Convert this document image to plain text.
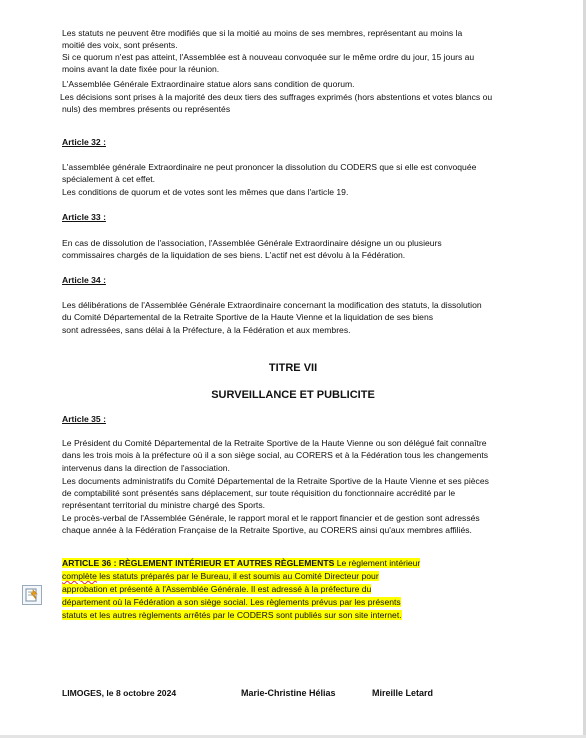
Les statuts ne peuvent être modifiés que si la moitié au moins de ses membres, représentant au moins la
moitié des voix, sont présents.
Si ce quorum n'est pas atteint, l'Assemblée est à nouveau convoquée sur le même ordre du jour, 15 jours au
moins avant la date fixée pour la réunion.
L'Assemblée Générale Extraordinaire statue alors sans condition de quorum.
Les décisions sont prises à la majorité des deux tiers des suffrages exprimés (hors abstentions et votes blancs ou
nuls) des membres présents ou représentés
Article 32 :
L'assemblée générale Extraordinaire ne peut prononcer la dissolution du CODERS que si elle est convoquée
spécialement à cet effet.
Les conditions de quorum et de votes sont les mêmes que dans l'article 19.
Article 33 :
En cas de dissolution de l'association, l'Assemblée Générale Extraordinaire désigne un ou plusieurs
commissaires chargés de la liquidation de ses biens. L'actif net est dévolu à la Fédération.
Article 34 :
Les délibérations de l'Assemblée Générale Extraordinaire concernant la modification des statuts, la dissolution
du Comité Départemental de la Retraite Sportive de la Haute Vienne et la liquidation de ses biens
sont adressées, sans délai à la Préfecture, à la Fédération et aux membres.
TITRE VII
SURVEILLANCE ET PUBLICITE
Article 35 :
Le Président du Comité Départemental de la Retraite Sportive de la Haute Vienne ou son délégué fait connaître
dans les trois mois à la préfecture où il a son siège social, au CORERS et à la Fédération tous les changements
intervenus dans la direction de l'association.
Les documents administratifs du Comité Départemental de la Retraite Sportive de la Haute Vienne et ses pièces
de comptabilité sont présentés sans déplacement, sur toute réquisition du fonctionnaire accrédité par le
représentant territorial du ministre chargé des Sports.
Le procès-verbal de l'Assemblée Générale, le rapport moral et le rapport financier et de gestion sont adressés
chaque année à la Fédération Française de la Retraite Sportive, au CORERS ainsi qu'aux membres affiliés.
ARTICLE 36 : RÈGLEMENT INTÉRIEUR ET AUTRES RÈGLEMENTS Le règlement intérieur
complète les statuts préparés par le Bureau, il est soumis au Comité Directeur pour
approbation et présenté à l'Assemblée Générale. Il est adressé à la préfecture du
département où la Fédération a son siège social. Les règlements prévus par les présents
statuts et les autres règlements arrêtés par le CODERS sont publiés sur son site internet.
LIMOGES, le 8 octobre 2024	Marie-Christine Hélias	Mireille Letard
